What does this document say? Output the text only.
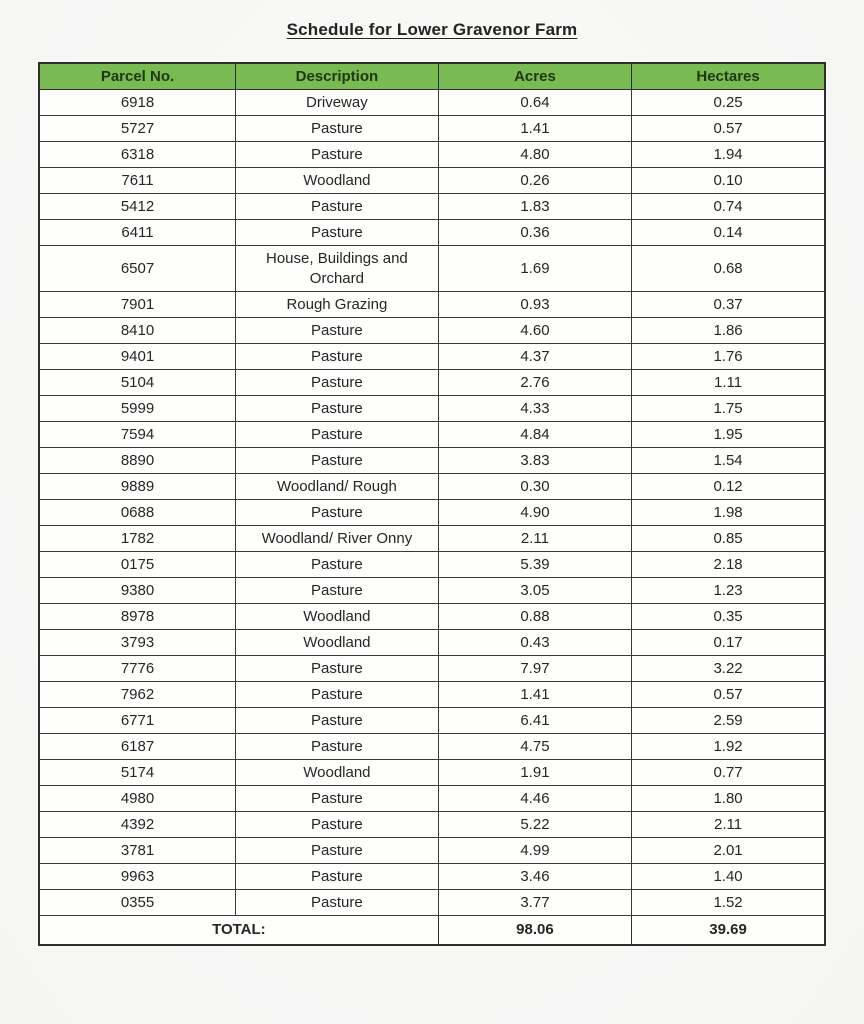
Schedule for Lower Gravenor Farm
Parcel No.	Description	Acres	Hectares
6918	Driveway	0.64	0.25
5727	Pasture	1.41	0.57
6318	Pasture	4.80	1.94
7611	Woodland	0.26	0.10
5412	Pasture	1.83	0.74
6411	Pasture	0.36	0.14
6507	House, Buildings and Orchard	1.69	0.68
7901	Rough Grazing	0.93	0.37
8410	Pasture	4.60	1.86
9401	Pasture	4.37	1.76
5104	Pasture	2.76	1.11
5999	Pasture	4.33	1.75
7594	Pasture	4.84	1.95
8890	Pasture	3.83	1.54
9889	Woodland/ Rough	0.30	0.12
0688	Pasture	4.90	1.98
1782	Woodland/ River Onny	2.11	0.85
0175	Pasture	5.39	2.18
9380	Pasture	3.05	1.23
8978	Woodland	0.88	0.35
3793	Woodland	0.43	0.17
7776	Pasture	7.97	3.22
7962	Pasture	1.41	0.57
6771	Pasture	6.41	2.59
6187	Pasture	4.75	1.92
5174	Woodland	1.91	0.77
4980	Pasture	4.46	1.80
4392	Pasture	5.22	2.11
3781	Pasture	4.99	2.01
9963	Pasture	3.46	1.40
0355	Pasture	3.77	1.52
TOTAL:		98.06	39.69
